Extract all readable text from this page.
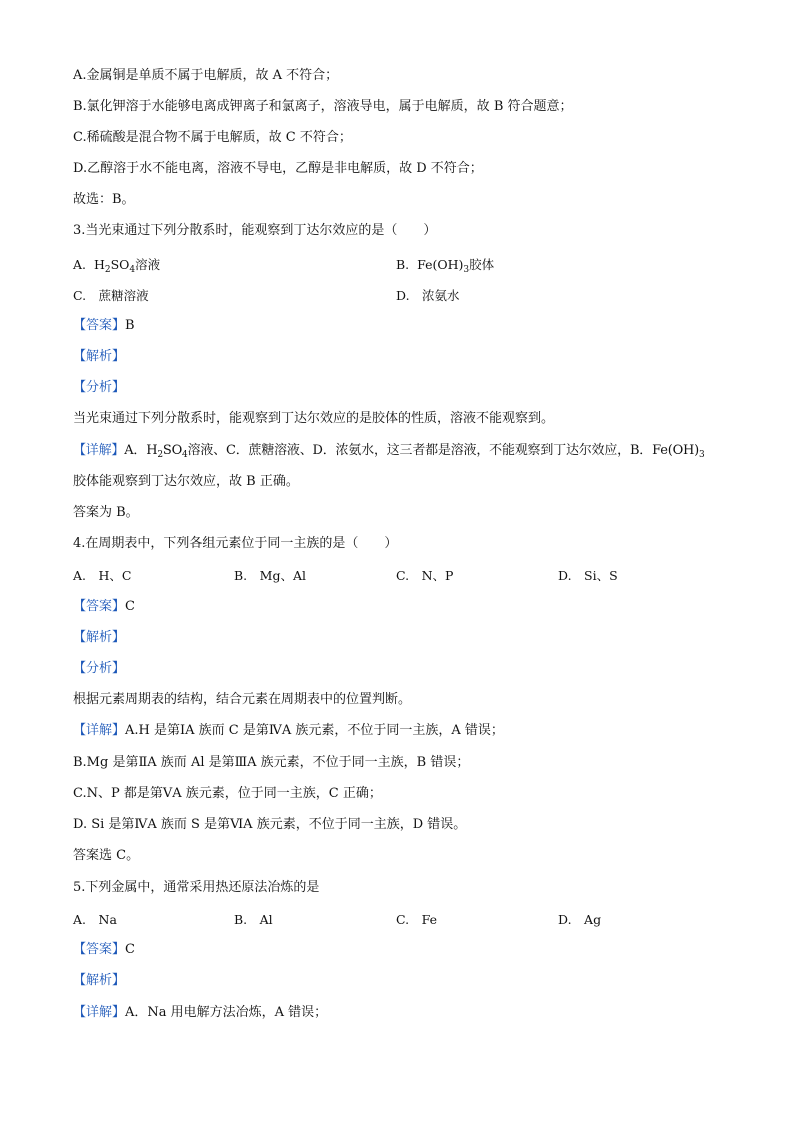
A.金属铜是单质不属于电解质，故 A 不符合；
B.氯化钾溶于水能够电离成钾离子和氯离子，溶液导电，属于电解质，故 B 符合题意；
C.稀硫酸是混合物不属于电解质，故 C 不符合；
D.乙醇溶于水不能电离，溶液不导电，乙醇是非电解质，故 D 不符合；
故选：B。
3.当光束通过下列分散系时，能观察到丁达尔效应的是（　　）
A. $H_2SO_4$溶液	B. $Fe(OH)_3$胶体
C.　蔗糖溶液	D.　浓氨水
【答案】B
【解析】
【分析】
当光束通过下列分散系时，能观察到丁达尔效应的是胶体的性质，溶液不能观察到。
【详解】A．$H_2SO_4$溶液、C．蔗糖溶液、D．浓氨水，这三者都是溶液，不能观察到丁达尔效应，B．$Fe(OH)_3$
胶体能观察到丁达尔效应，故 B 正确。
答案为 B。
4.在周期表中，下列各组元素位于同一主族的是（　　）
A.　H、C	B.　Mg、Al	C.　N、P	D.　Si、S
【答案】C
【解析】
【分析】
根据元素周期表的结构，结合元素在周期表中的位置判断。
【详解】A.H 是第ⅠA 族而 C 是第ⅣA 族元素，不位于同一主族，A 错误；
B.Mg 是第ⅡA 族而 Al 是第ⅢA 族元素，不位于同一主族，B 错误；
C.N、P 都是第ⅤA 族元素，位于同一主族，C 正确；
D. Si 是第ⅣA 族而 S 是第ⅥA 族元素，不位于同一主族，D 错误。
答案选 C。
5.下列金属中，通常采用热还原法冶炼的是
A.　Na	B.　Al	C.　Fe	D.　Ag
【答案】C
【解析】
【详解】A．Na 用电解方法冶炼，A 错误；
